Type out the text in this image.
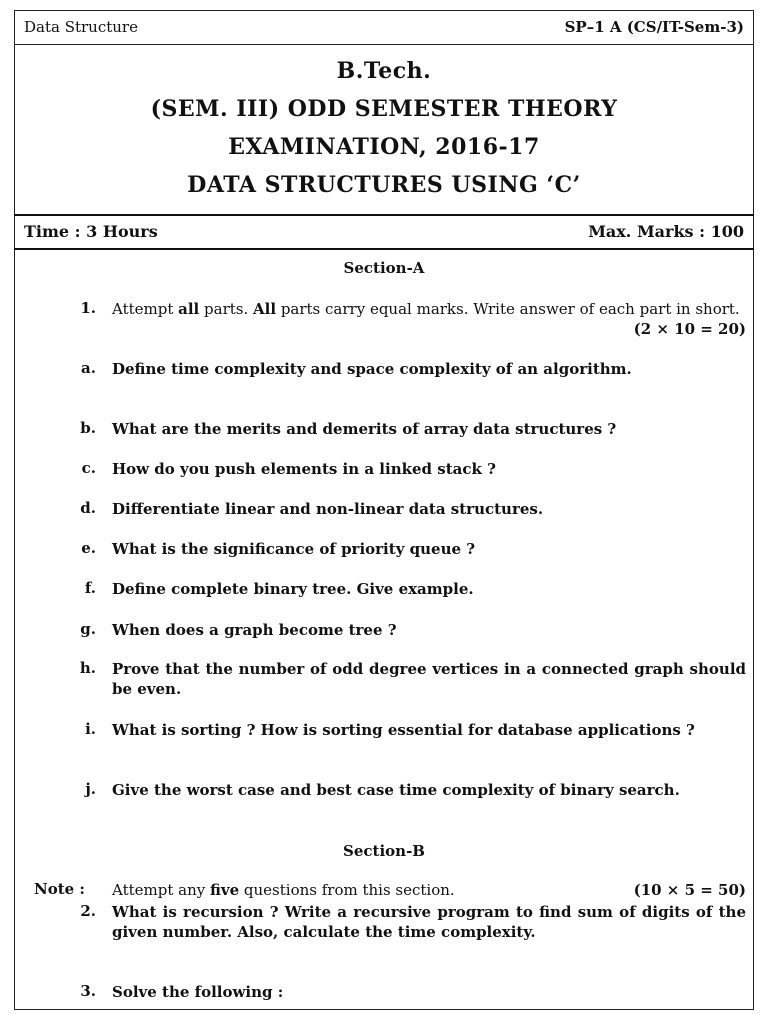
Data Structure	SP–1 A (CS/IT-Sem-3)
B.Tech.
(SEM. III) ODD SEMESTER THEORY
EXAMINATION, 2016-17
DATA STRUCTURES USING ‘C’
Time : 3 Hours	Max. Marks : 100
Section-A
1. Attempt all parts. All parts carry equal marks. Write answer of each part in short.
(2 × 10 = 20)
a. Define time complexity and space complexity of an algorithm.
b. What are the merits and demerits of array data structures ?
c. How do you push elements in a linked stack ?
d. Differentiate linear and non-linear data structures.
e. What is the significance of priority queue ?
f. Define complete binary tree. Give example.
g. When does a graph become tree ?
h. Prove that the number of odd degree vertices in a connected graph should be even.
i. What is sorting ? How is sorting essential for database applications ?
j. Give the worst case and best case time complexity of binary search.
Section-B
Note : Attempt any five questions from this section.	(10 × 5 = 50)
2. What is recursion ? Write a recursive program to find sum of digits of the given number. Also, calculate the time complexity.
3. Solve the following :
